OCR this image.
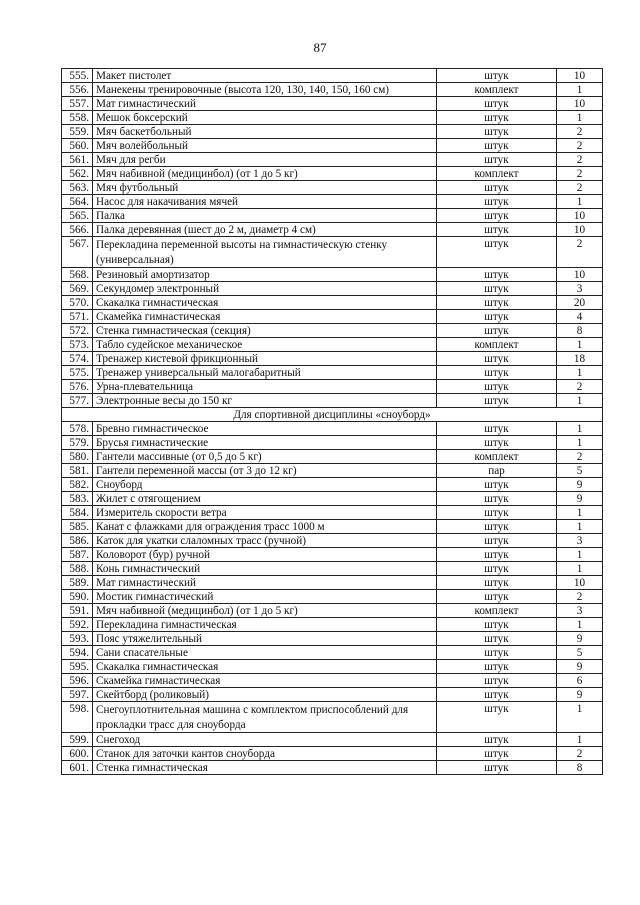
87
555.	Макет пистолет	штук	10
556.	Манекены тренировочные (высота 120, 130, 140, 150, 160 см)	комплект	1
557.	Мат гимнастический	штук	10
558.	Мешок боксерский	штук	1
559.	Мяч баскетбольный	штук	2
560.	Мяч волейбольный	штук	2
561.	Мяч для регби	штук	2
562.	Мяч набивной (медицинбол) (от 1 до 5 кг)	комплект	2
563.	Мяч футбольный	штук	2
564.	Насос для накачивания мячей	штук	1
565.	Палка	штук	10
566.	Палка деревянная (шест до 2 м, диаметр 4 см)	штук	10
567.	Перекладина переменной высоты на гимнастическую стенку (универсальная)	штук	2
568.	Резиновый амортизатор	штук	10
569.	Секундомер электронный	штук	3
570.	Скакалка гимнастическая	штук	20
571.	Скамейка гимнастическая	штук	4
572.	Стенка гимнастическая (секция)	штук	8
573.	Табло судейское механическое	комплект	1
574.	Тренажер кистевой фрикционный	штук	18
575.	Тренажер универсальный малогабаритный	штук	1
576.	Урна-плевательница	штук	2
577.	Электронные весы до 150 кг	штук	1
Для спортивной дисциплины «сноуборд»			
578.	Бревно гимнастическое	штук	1
579.	Брусья гимнастические	штук	1
580.	Гантели массивные (от 0,5 до 5 кг)	комплект	2
581.	Гантели переменной массы (от 3 до 12 кг)	пар	5
582.	Сноуборд	штук	9
583.	Жилет с отягощением	штук	9
584.	Измеритель скорости ветра	штук	1
585.	Канат с флажками для ограждения трасс 1000 м	штук	1
586.	Каток для укатки слаломных трасс (ручной)	штук	3
587.	Коловорот (бур) ручной	штук	1
588.	Конь гимнастический	штук	1
589.	Мат гимнастический	штук	10
590.	Мостик гимнастический	штук	2
591.	Мяч набивной (медицинбол) (от 1 до 5 кг)	комплект	3
592.	Перекладина гимнастическая	штук	1
593.	Пояс утяжелительный	штук	9
594.	Сани спасательные	штук	5
595.	Скакалка гимнастическая	штук	9
596.	Скамейка гимнастическая	штук	6
597.	Скейтборд (роликовый)	штук	9
598.	Снегоуплотнительная машина с комплектом приспособлений для прокладки трасс для сноуборда	штук	1
599.	Снегоход	штук	1
600.	Станок для заточки кантов сноуборда	штук	2
601.	Стенка гимнастическая	штук	8
